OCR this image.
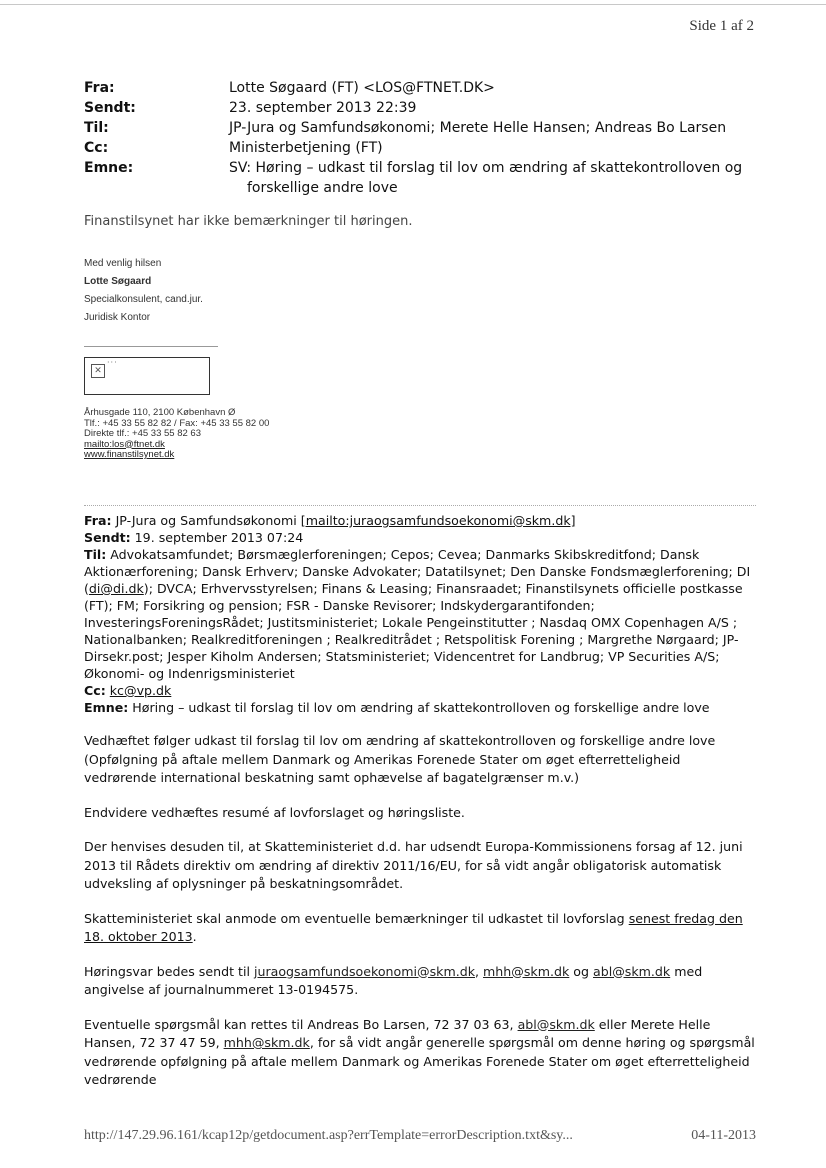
Side 1 af 2
Fra:	Lotte Søgaard (FT) <LOS@FTNET.DK>
Sendt:	23. september 2013 22:39
Til:	JP-Jura og Samfundsøkonomi; Merete Helle Hansen; Andreas Bo Larsen
Cc:	Ministerbetjening (FT)
Emne:	SV: Høring – udkast til forslag til lov om ændring af skattekontrolloven og
forskellige andre love
Finanstilsynet har ikke bemærkninger til høringen.
Med venlig hilsen
Lotte Søgaard
Specialkonsulent, cand.jur.
Juridisk Kontor
✕
···
Århusgade 110, 2100 København Ø
Tlf.: +45 33 55 82 82 / Fax: +45 33 55 82 00
Direkte tlf.: +45 33 55 82 63
mailto:los@ftnet.dk
www.finanstilsynet.dk
Fra: JP-Jura og Samfundsøkonomi [mailto:juraogsamfundsoekonomi@skm.dk]
Sendt: 19. september 2013 07:24
Til: Advokatsamfundet; Børsmæglerforeningen; Cepos; Cevea; Danmarks Skibskreditfond; Dansk Aktionærforening; Dansk Erhverv; Danske Advokater; Datatilsynet; Den Danske Fondsmæglerforening; DI (di@di.dk); DVCA; Erhvervsstyrelsen; Finans & Leasing; Finansraadet; Finanstilsynets officielle postkasse (FT); FM; Forsikring og pension; FSR - Danske Revisorer; Indskydergarantifonden; InvesteringsForeningsRådet; Justitsministeriet; Lokale Pengeinstitutter ; Nasdaq OMX Copenhagen A/S ; Nationalbanken; Realkreditforeningen ; Realkreditrådet ; Retspolitisk Forening ; Margrethe Nørgaard; JP-Dirsekr.post; Jesper Kiholm Andersen; Statsministeriet; Videncentret for Landbrug; VP Securities A/S; Økonomi- og Indenrigsministeriet
Cc: kc@vp.dk
Emne: Høring – udkast til forslag til lov om ændring af skattekontrolloven og forskellige andre love

Vedhæftet følger udkast til forslag til lov om ændring af skattekontrolloven og forskellige andre love (Opfølgning på aftale mellem Danmark og Amerikas Forenede Stater om øget efterretteligheid vedrørende international beskatning samt ophævelse af bagatelgrænser m.v.)

Endvidere vedhæftes resumé af lovforslaget og høringsliste.

Der henvises desuden til, at Skatteministeriet d.d. har udsendt Europa-Kommissionens forsag af 12. juni 2013 til Rådets direktiv om ændring af direktiv 2011/16/EU, for så vidt angår obligatorisk automatisk udveksling af oplysninger på beskatningsområdet.

Skatteministeriet skal anmode om eventuelle bemærkninger til udkastet til lovforslag senest fredag den 18. oktober 2013.

Høringsvar bedes sendt til juraogsamfundsoekonomi@skm.dk, mhh@skm.dk og abl@skm.dk med angivelse af journalnummeret 13-0194575.

Eventuelle spørgsmål kan rettes til Andreas Bo Larsen, 72 37 03 63, abl@skm.dk eller Merete Helle Hansen, 72 37 47 59, mhh@skm.dk, for så vidt angår generelle spørgsmål om denne høring og spørgsmål vedrørende opfølgning på aftale mellem Danmark og Amerikas Forenede Stater om øget efterretteligheid vedrørende

http://147.29.96.161/kcap12p/getdocument.asp?errTemplate=errorDescription.txt&sy...	04-11-2013
